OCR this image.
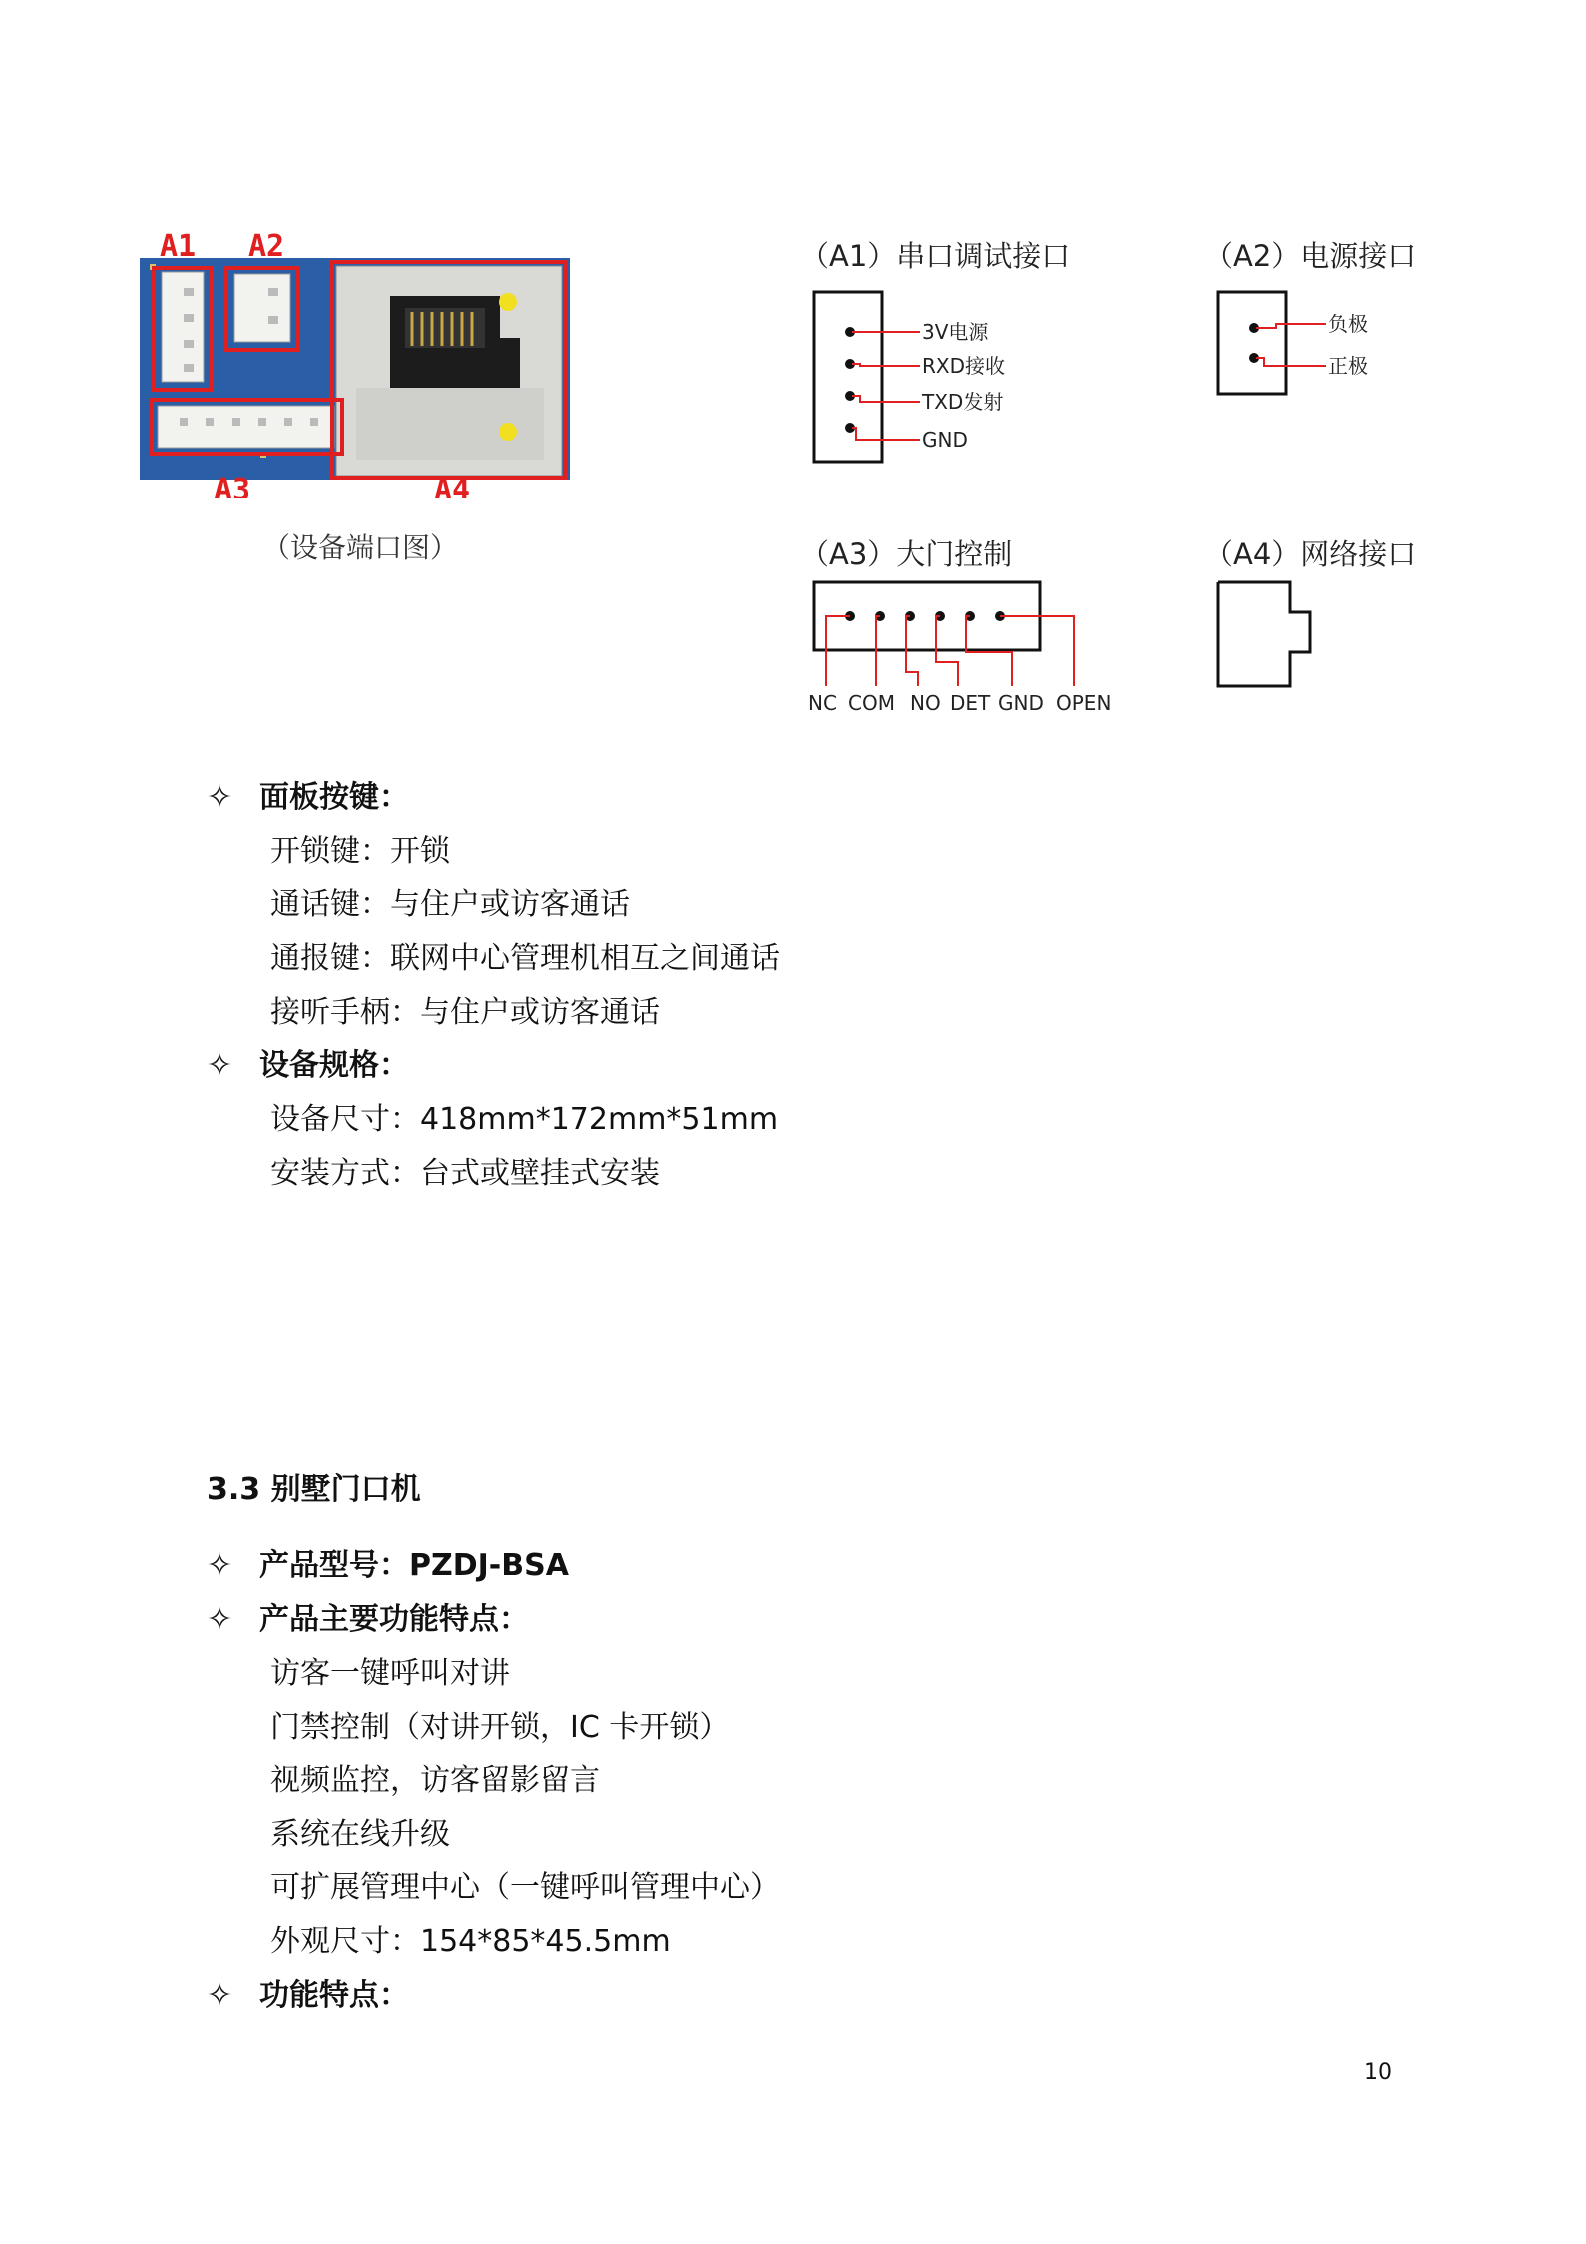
A1 A2
A3	A4
（设备端口图）
（A1）串口调试接口
3V电源
RXD接收
TXD发射
GND
（A2）电源接口
负极
正极
（A3）大门控制
NC COM NO DET GND OPEN
（A4）网络接口
✧ 面板按键：
开锁键：开锁
通话键：与住户或访客通话
通报键：联网中心管理机相互之间通话
接听手柄：与住户或访客通话
✧ 设备规格：
设备尺寸：418mm*172mm*51mm
安装方式：台式或壁挂式安装
3.3 别墅门口机
✧ 产品型号：PZDJ-BSA
✧ 产品主要功能特点：
访客一键呼叫对讲
门禁控制（对讲开锁，IC 卡开锁）
视频监控，访客留影留言
系统在线升级
可扩展管理中心（一键呼叫管理中心）
外观尺寸：154*85*45.5mm
✧ 功能特点：
10
